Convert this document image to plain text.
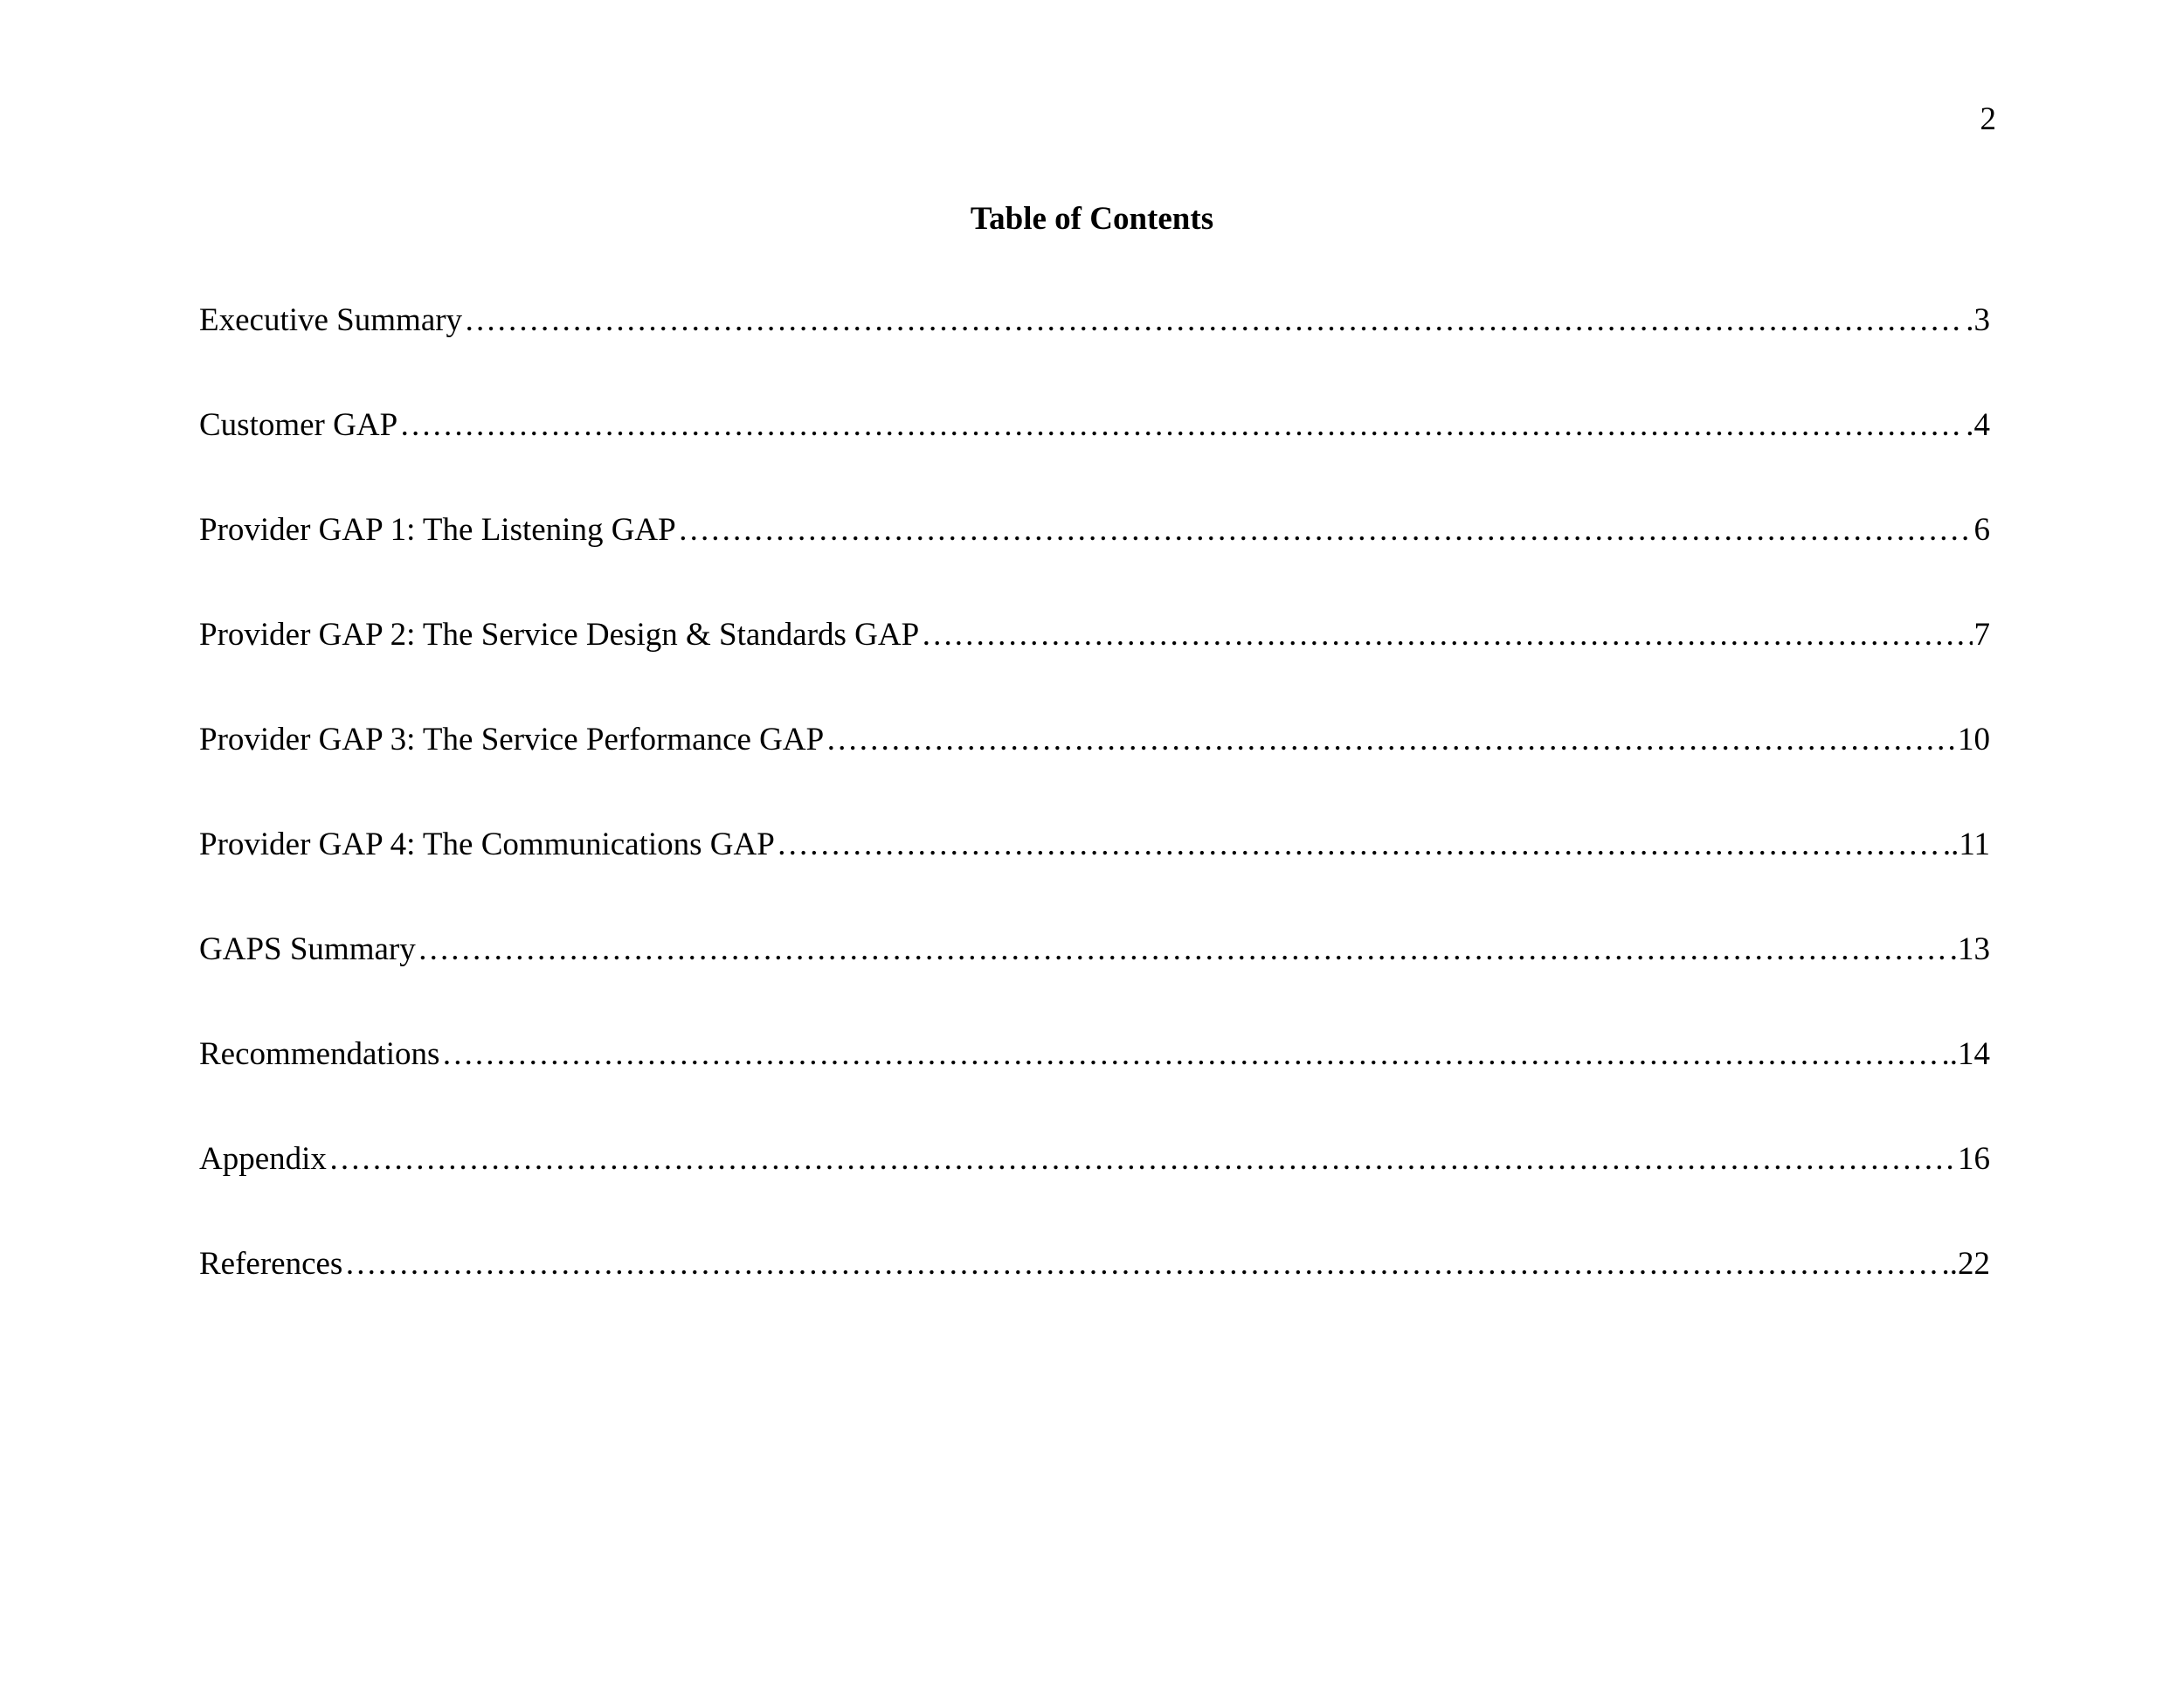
2
Table of Contents
Executive Summary ……………………………………………………………………………………………………………………………………………………………………………………………………………………………………………………………………	.3
Customer GAP ……………………………………………………………………………………………………………………………………………………………………………………………………………………………………………………………………	.4
Provider GAP 1: The Listening GAP ……………………………………………………………………………………………………………………………………………………………………………………………………………………………………………………………………	6
Provider GAP 2: The Service Design & Standards GAP ……………………………………………………………………………………………………………………………………………………………………………………………………………………………………………………………………	7
Provider GAP 3: The Service Performance GAP ……………………………………………………………………………………………………………………………………………………………………………………………………………………………………………………………………	10
Provider GAP 4: The Communications GAP ……………………………………………………………………………………………………………………………………………………………………………………………………………………………………………………………………	..11
GAPS Summary ……………………………………………………………………………………………………………………………………………………………………………………………………………………………………………………………………	.13
Recommendations ……………………………………………………………………………………………………………………………………………………………………………………………………………………………………………………………………	..14
Appendix ……………………………………………………………………………………………………………………………………………………………………………………………………………………………………………………………………	16
References ……………………………………………………………………………………………………………………………………………………………………………………………………………………………………………………………………	..22
